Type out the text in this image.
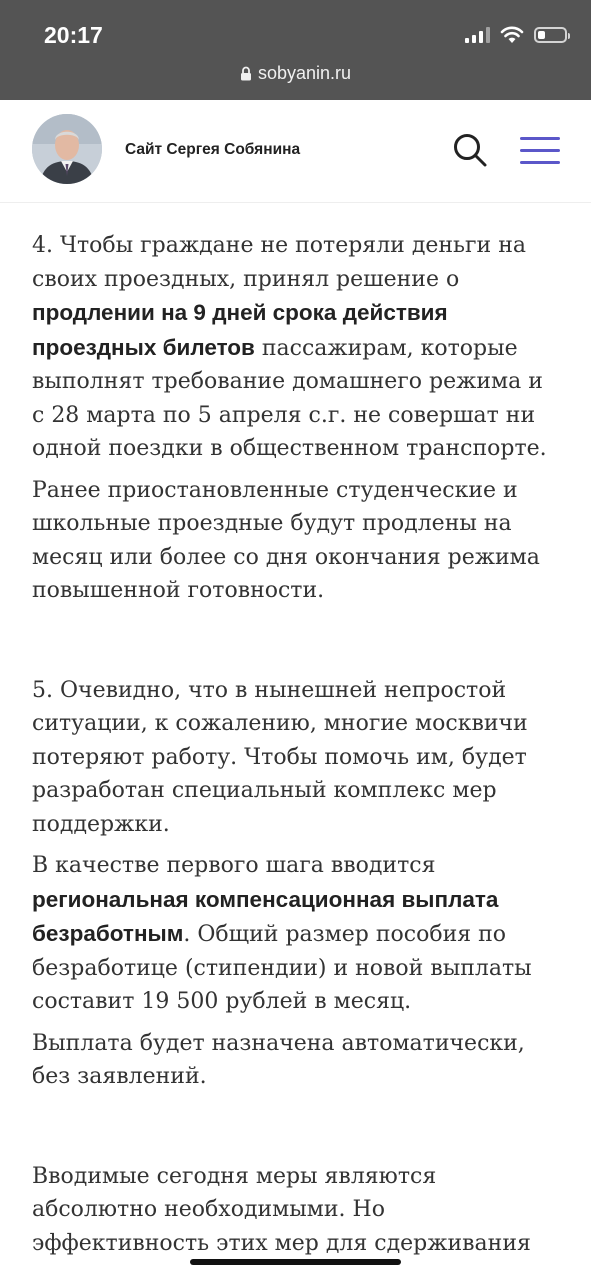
20:17
sobyanin.ru
Сайт Сергея Собянина

4. Чтобы граждане не потеряли деньги на своих проездных, принял решение о продлении на 9 дней срока действия проездных билетов пассажирам, которые выполнят требование домашнего режима и с 28 марта по 5 апреля с.г. не совершат ни одной поездки в общественном транспорте.

Ранее приостановленные студенческие и школьные проездные будут продлены на месяц или более со дня окончания режима повышенной готовности.

5. Очевидно, что в нынешней непростой ситуации, к сожалению, многие москвичи потеряют работу. Чтобы помочь им, будет разработан специальный комплекс мер поддержки.

В качестве первого шага вводится региональная компенсационная выплата безработным. Общий размер пособия по безработице (стипендии) и новой выплаты составит 19 500 рублей в месяц.

Выплата будет назначена автоматически, без заявлений.

Вводимые сегодня меры являются абсолютно необходимыми. Но эффективность этих мер для сдерживания
